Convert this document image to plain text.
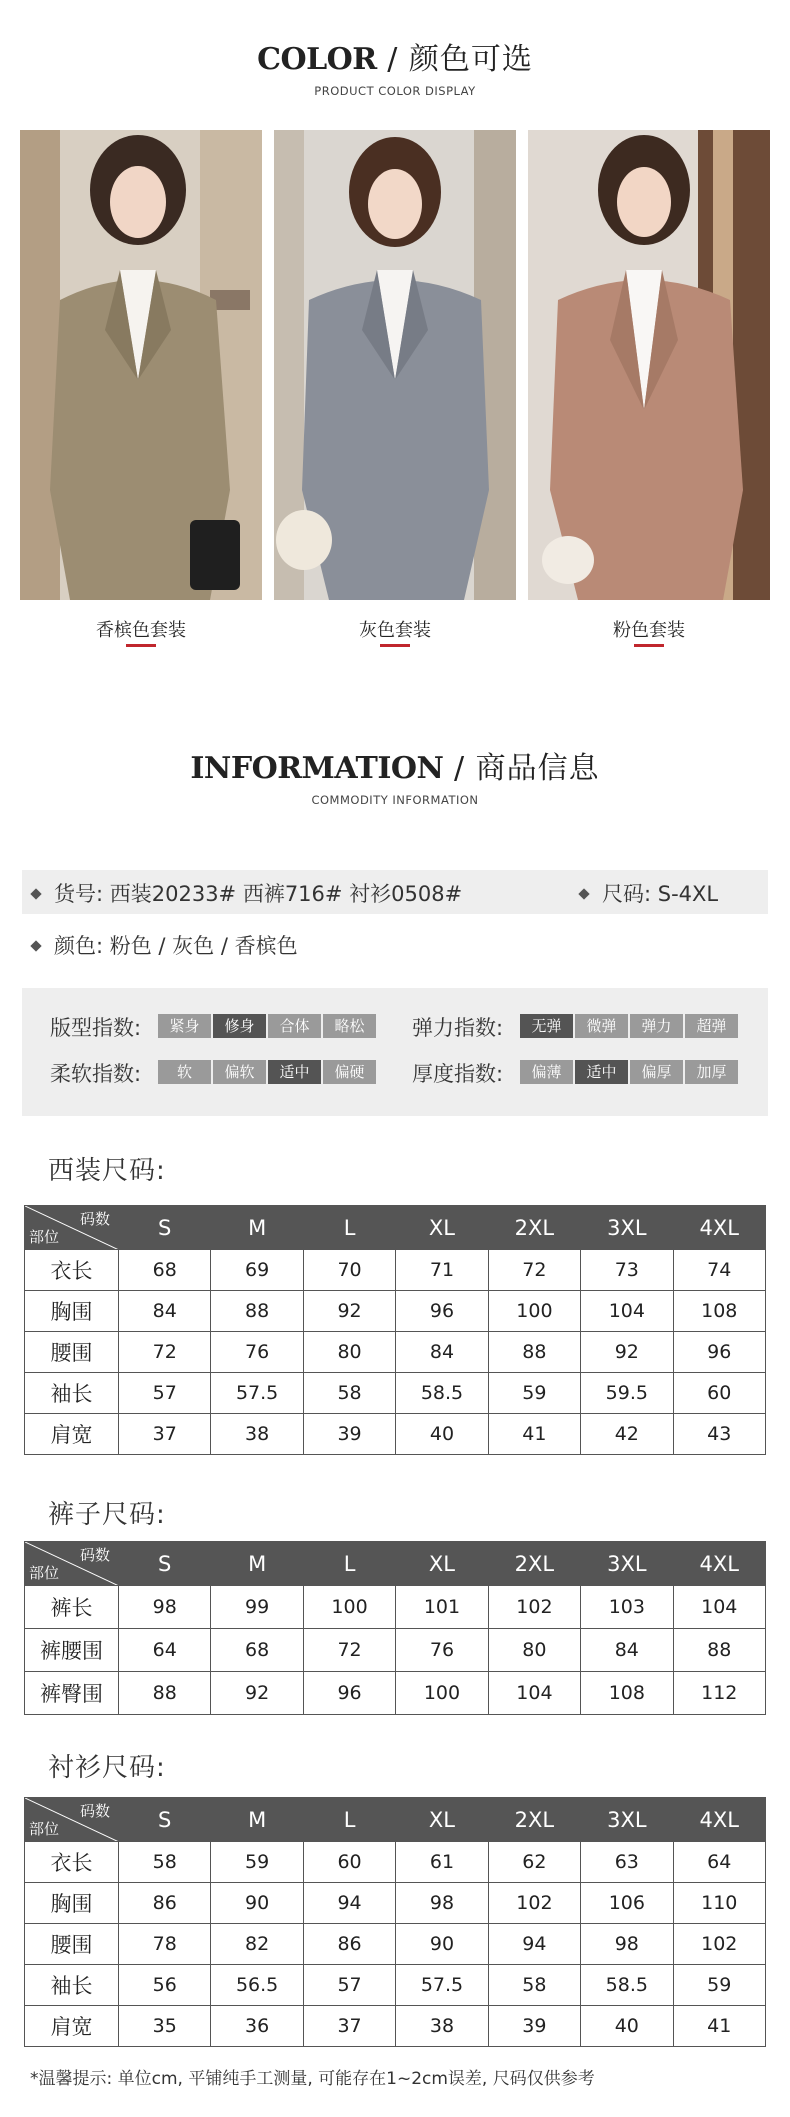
COLOR / 颜色可选
PRODUCT COLOR DISPLAY
香槟色套装	灰色套装	粉色套装
INFORMATION / 商品信息
COMMODITY INFORMATION
货号: 西装20233# 西裤716# 衬衫0508#	尺码: S-4XL
颜色: 粉色 / 灰色 / 香槟色
版型指数:	紧身	修身	合体	略松	弹力指数:	无弹	微弹	弹力	超弹
柔软指数:	软	偏软	适中	偏硬	厚度指数:	偏薄	适中	偏厚	加厚
西装尺码:
码数
部位	S	M	L	XL	2XL	3XL	4XL
衣长	68	69	70	71	72	73	74
胸围	84	88	92	96	100	104	108
腰围	72	76	80	84	88	92	96
袖长	57	57.5	58	58.5	59	59.5	60
肩宽	37	38	39	40	41	42	43
裤子尺码:
码数
部位	S	M	L	XL	2XL	3XL	4XL
裤长	98	99	100	101	102	103	104
裤腰围	64	68	72	76	80	84	88
裤臀围	88	92	96	100	104	108	112
衬衫尺码:
码数
部位	S	M	L	XL	2XL	3XL	4XL
衣长	58	59	60	61	62	63	64
胸围	86	90	94	98	102	106	110
腰围	78	82	86	90	94	98	102
袖长	56	56.5	57	57.5	58	58.5	59
肩宽	35	36	37	38	39	40	41
*温馨提示: 单位cm, 平铺纯手工测量, 可能存在1~2cm误差, 尺码仅供参考
